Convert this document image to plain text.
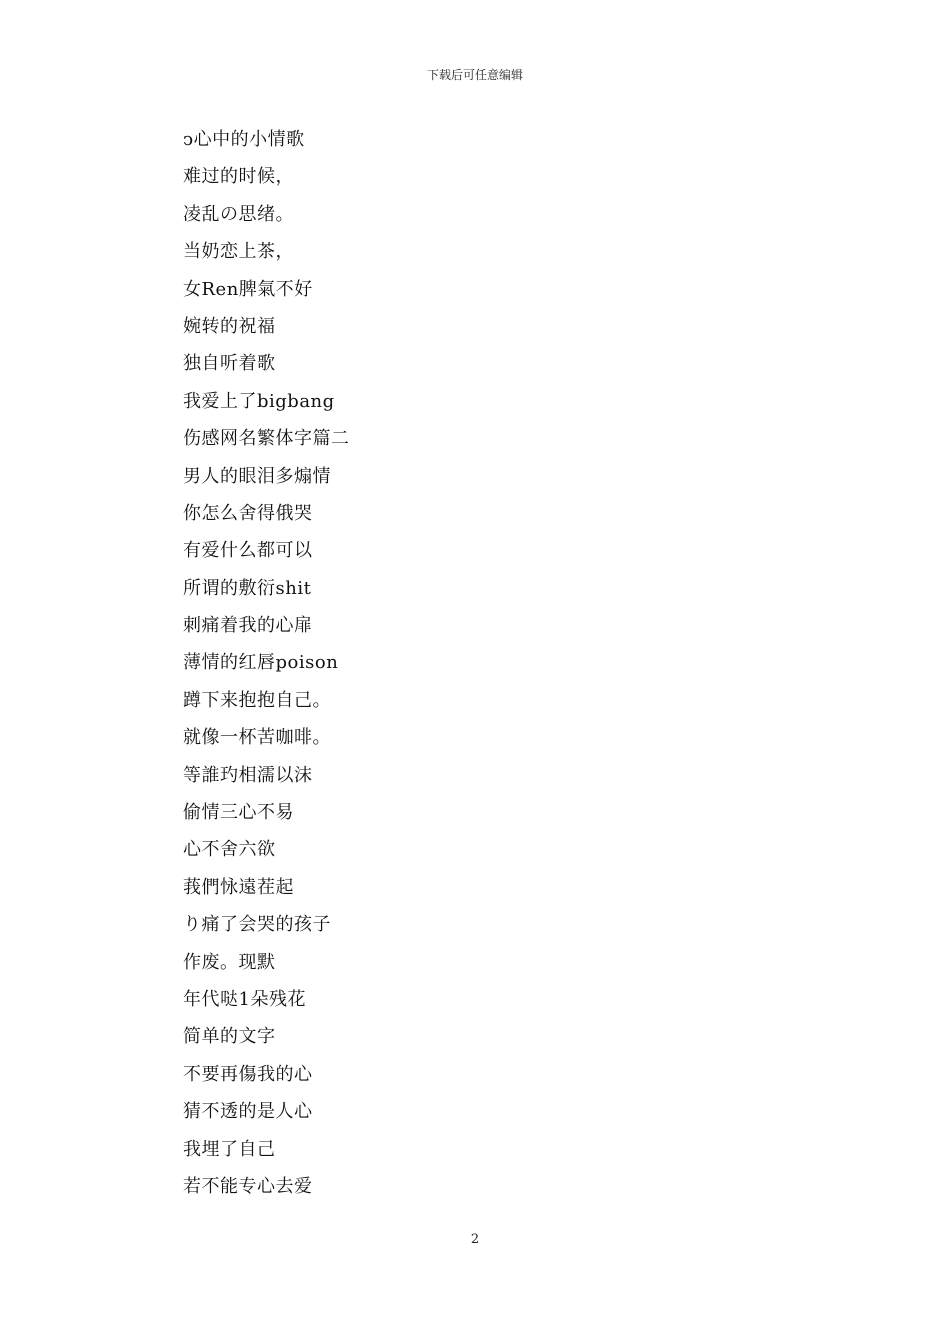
下载后可任意编辑
ↄ心中的小情歌
难过的时候，
凌乱の思绪。
当奶恋上茶，
女Ren脾氣不好
婉转的祝福
独自听着歌
我爱上了bigbang
伤感网名繁体字篇二
男人的眼泪多煽情
你怎么舍得俄哭
有爱什么都可以
所谓的敷衍shit
刺痛着我的心扉
薄情的红唇poison
蹲下来抱抱自己。
就像一杯苦咖啡。
等誰玓相濡以沫
偷情三心不易
心不舍六欲
莪們怺遠茬起
り痛了会哭的孩子
作废。现默
年代哒1朵残花
简单的文字
不要再傷我的心
猜不透的是人心
我埋了自己
若不能专心去爱
2
